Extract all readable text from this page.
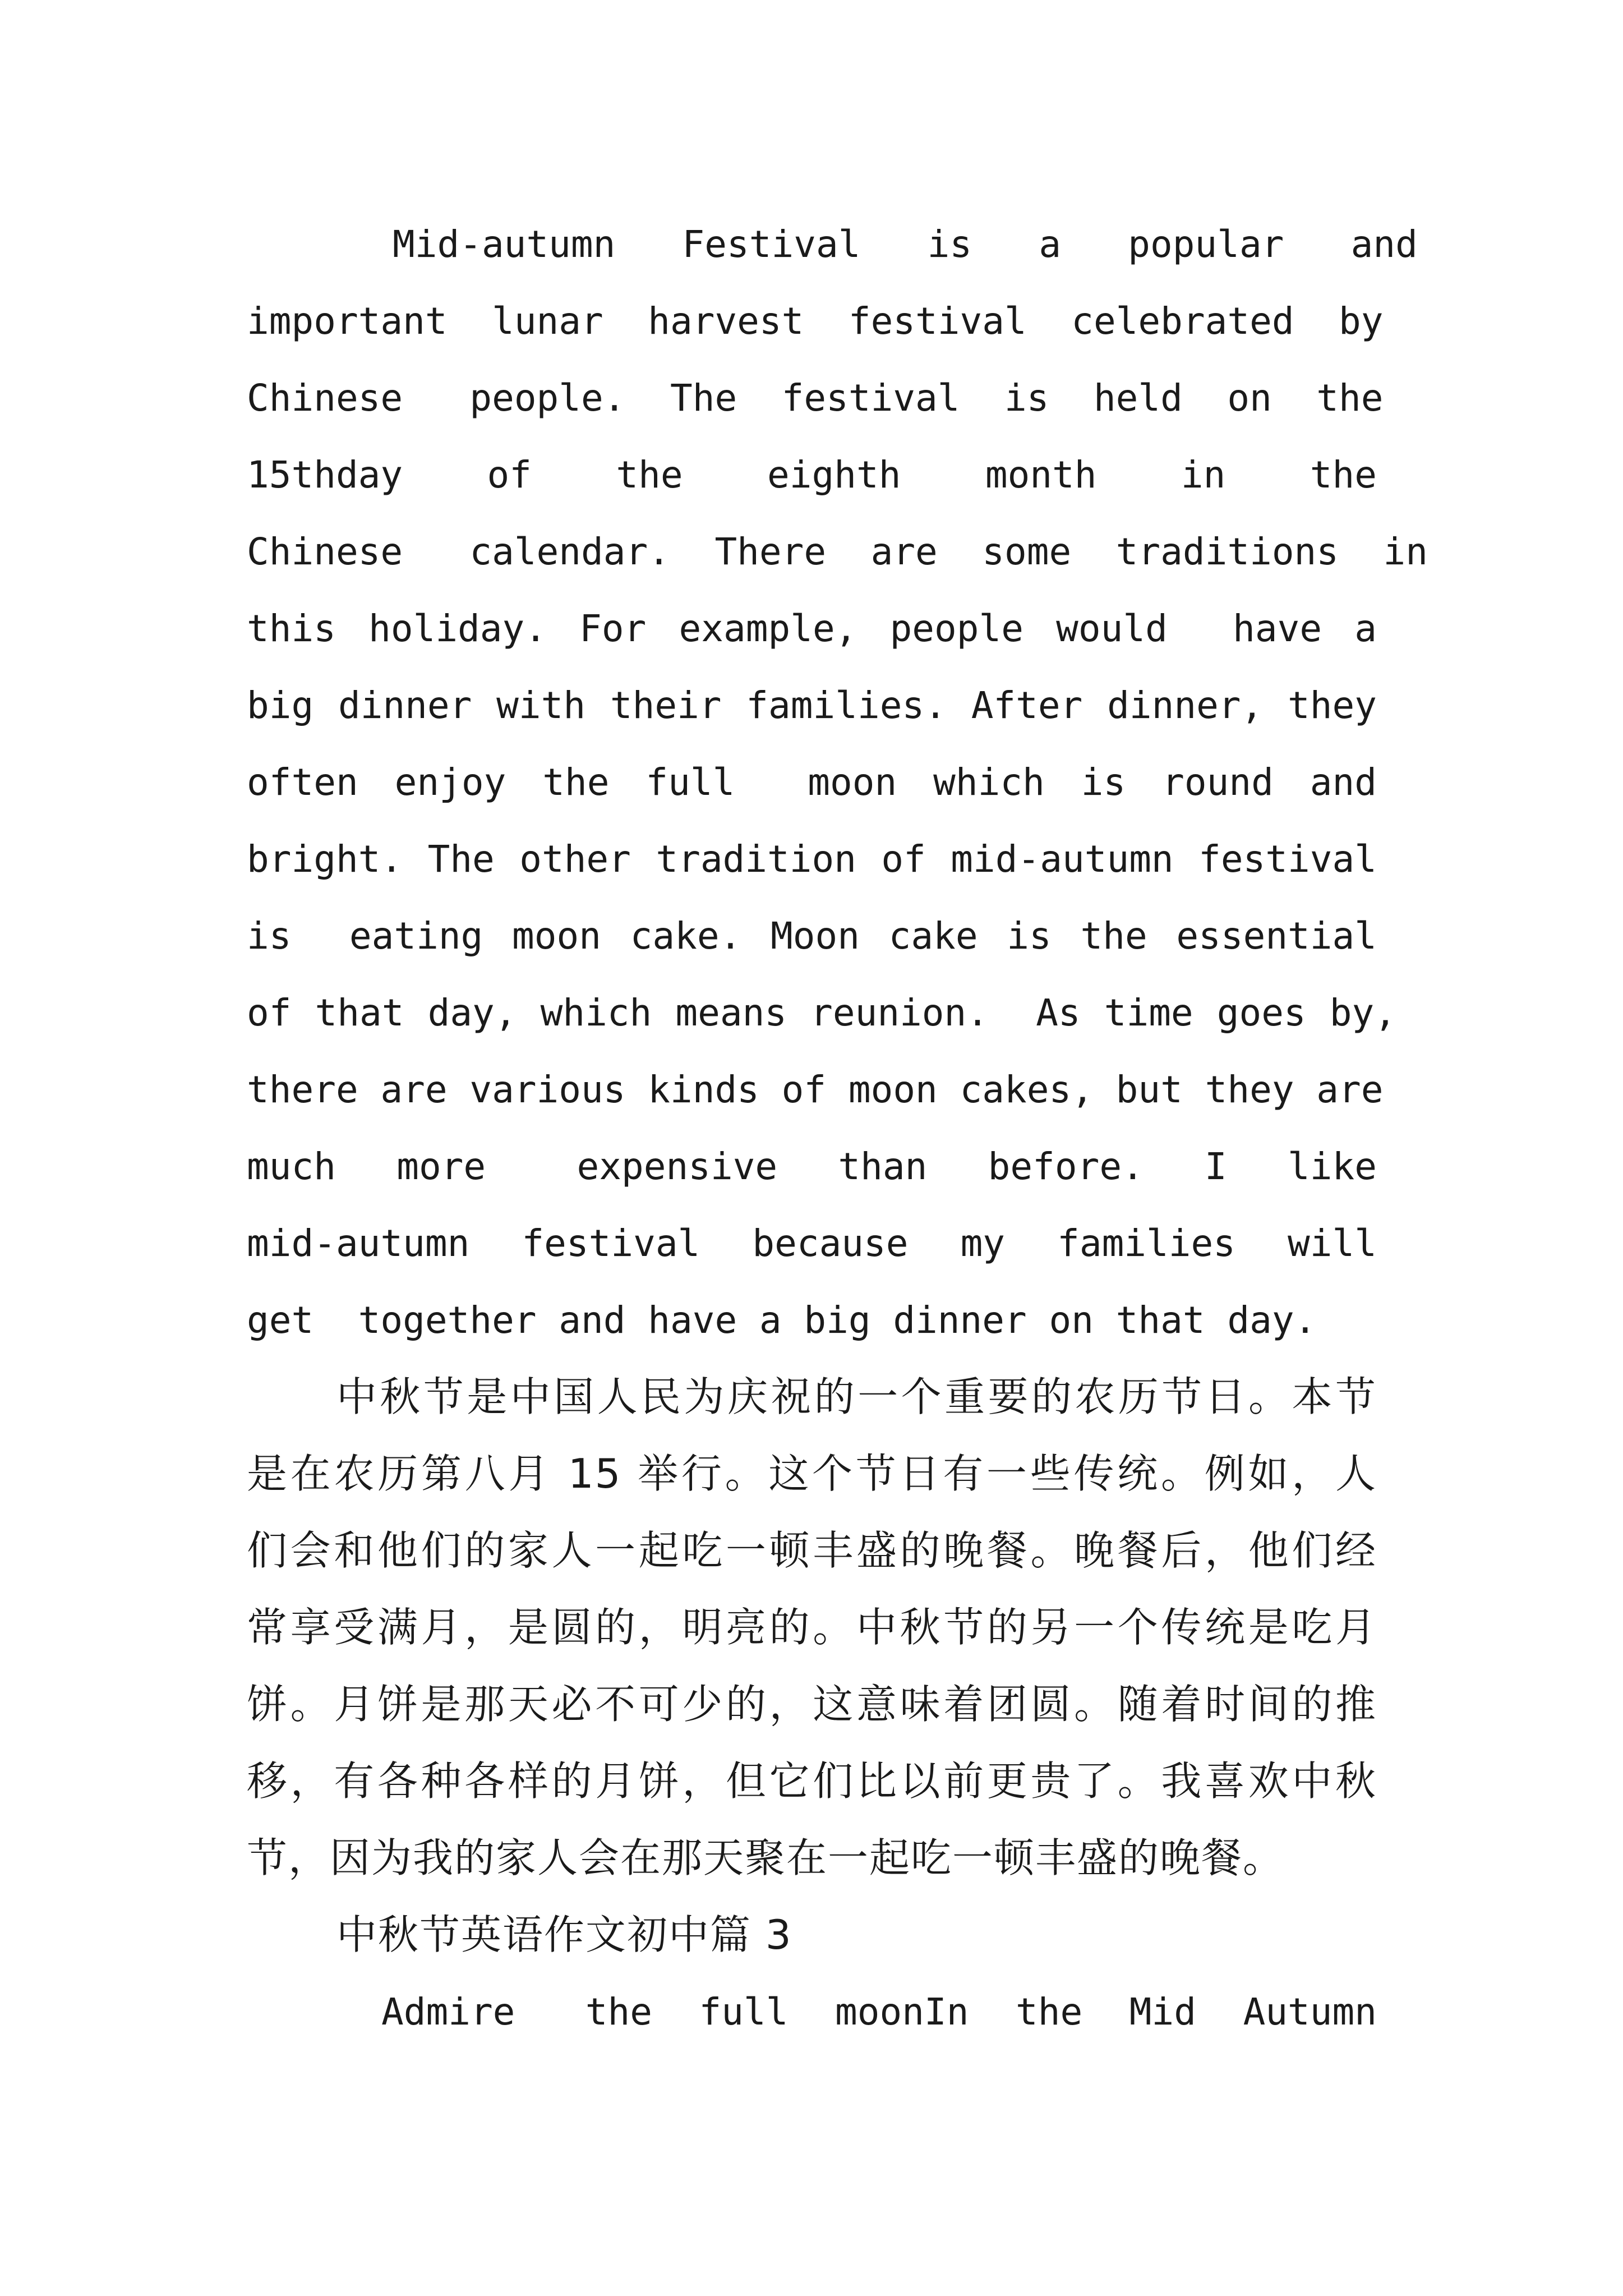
Mid-autumn   Festival   is   a   popular   and
important  lunar  harvest  festival  celebrated  by
Chinese   people.  The  festival  is  held  on  the
15thday   of   the   eighth   month   in   the
Chinese   calendar.  There  are  some  traditions  in
this holiday. For example, people would  have a
big dinner with their families. After dinner, they
often enjoy the full  moon which is round and
bright. The other tradition of mid-autumn festival
is  eating moon cake. Moon cake is the essential
of that day, which means reunion.  As time goes by,
there are various kinds of moon cakes, but they are
much  more   expensive  than  before.  I  like
mid-autumn  festival  because  my  families  will
get  together and have a big dinner on that day.
中秋节是中国人民为庆祝的一个重要的农历节日。本节
是在农历第八月 15 举行。这个节日有一些传统。例如，人
们会和他们的家人一起吃一顿丰盛的晚餐。晚餐后，他们经
常享受满月，是圆的，明亮的。中秋节的另一个传统是吃月
饼。月饼是那天必不可少的，这意味着团圆。随着时间的推
移，有各种各样的月饼，但它们比以前更贵了。我喜欢中秋
节，因为我的家人会在那天聚在一起吃一顿丰盛的晚餐。
中秋节英语作文初中篇 3
Admire   the  full  moonIn  the  Mid  Autumn
